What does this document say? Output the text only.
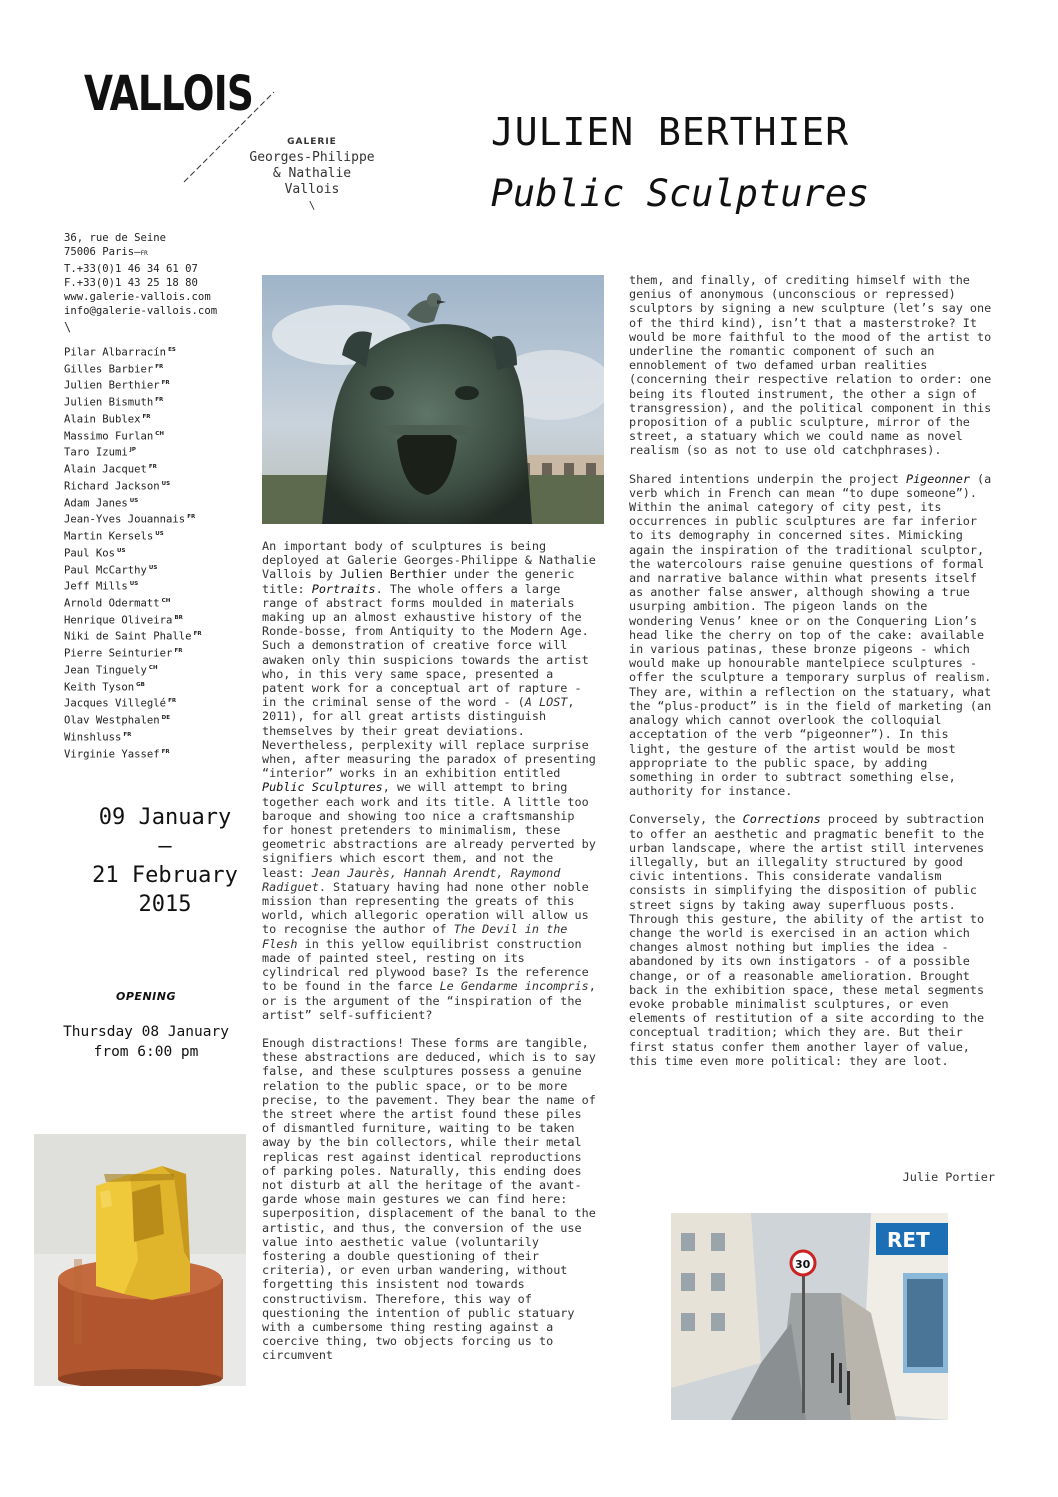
VALLOIS
GALERIE
Georges-Philippe
& Nathalie
Vallois
\
JULIEN BERTHIER
Public Sculptures
36, rue de Seine
75006 Paris—FR
T.+33(0)1 46 34 61 07
F.+33(0)1 43 25 18 80
www.galerie-vallois.com
info@galerie-vallois.com
\
Pilar Albarracín $^{ES}$
Gilles Barbier $^{FR}$
Julien Berthier $^{FR}$
Julien Bismuth $^{FR}$
Alain Bublex $^{FR}$
Massimo Furlan $^{CH}$
Taro Izumi $^{JP}$
Alain Jacquet $^{FR}$
Richard Jackson $^{US}$
Adam Janes $^{US}$
Jean-Yves Jouannais $^{FR}$
Martin Kersels $^{US}$
Paul Kos $^{US}$
Paul McCarthy $^{US}$
Jeff Mills $^{US}$
Arnold Odermatt $^{CH}$
Henrique Oliveira $^{BR}$
Niki de Saint Phalle $^{FR}$
Pierre Seinturier $^{FR}$
Jean Tinguely $^{CH}$
Keith Tyson $^{GB}$
Jacques Villeglé $^{FR}$
Olav Westphalen $^{DE}$
Winshluss $^{FR}$
Virginie Yassef $^{FR}$
09 January
—
21 February
2015
OPENING
Thursday 08 January
from 6:00 pm

An important body of sculptures is being deployed at Galerie Georges-Philippe & Nathalie Vallois by Julien Berthier under the generic title: Portraits. The whole offers a large range of abstract forms moulded in materials making up an almost exhaustive history of the Ronde-bosse, from Antiquity to the Modern Age. Such a demonstration of creative force will awaken only thin suspicions towards the artist who, in this very same space, presented a patent work for a conceptual art of rapture - in the criminal sense of the word - (A LOST, 2011), for all great artists distinguish themselves by their great deviations. Nevertheless, perplexity will replace surprise when, after measuring the paradox of presenting “interior” works in an exhibition entitled Public Sculptures, we will attempt to bring together each work and its title. A little too baroque and showing too nice a craftsmanship for honest pretenders to minimalism, these geometric abstractions are already perverted by signifiers which escort them, and not the least: Jean Jaurès, Hannah Arendt, Raymond Radiguet. Statuary having had none other noble mission than representing the greats of this world, which allegoric operation will allow us to recognise the author of The Devil in the Flesh in this yellow equilibrist construction made of painted steel, resting on its cylindrical red plywood base? Is the reference to be found in the farce Le Gendarme incompris, or is the argument of the “inspiration of the artist” self-sufficient?

Enough distractions! These forms are tangible, these abstractions are deduced, which is to say false, and these sculptures possess a genuine relation to the public space, or to be more precise, to the pavement. They bear the name of the street where the artist found these piles of dismantled furniture, waiting to be taken away by the bin collectors, while their metal replicas rest against identical reproductions of parking poles. Naturally, this ending does not disturb at all the heritage of the avant-garde whose main gestures we can find here: superposition, displacement of the banal to the artistic, and thus, the conversion of the use value into aesthetic value (voluntarily fostering a double questioning of their criteria), or even urban wandering, without forgetting this insistent nod towards constructivism. Therefore, this way of questioning the intention of public statuary with a cumbersome thing resting against a coercive thing, two objects forcing us to circumvent

them, and finally, of crediting himself with the genius of anonymous (unconscious or repressed) sculptors by signing a new sculpture (let’s say one of the third kind), isn’t that a masterstroke? It would be more faithful to the mood of the artist to underline the romantic component of such an ennoblement of two defamed urban realities (concerning their respective relation to order: one being its flouted instrument, the other a sign of transgression), and the political component in this proposition of a public sculpture, mirror of the street, a statuary which we could name as novel realism (so as not to use old catchphrases).

Shared intentions underpin the project Pigeonner (a verb which in French can mean “to dupe someone”). Within the animal category of city pest, its occurrences in public sculptures are far inferior to its demography in concerned sites. Mimicking again the inspiration of the traditional sculptor, the watercolours raise genuine questions of formal and narrative balance within what presents itself as another false answer, although showing a true usurping ambition. The pigeon lands on the wondering Venus’ knee or on the Conquering Lion’s head like the cherry on top of the cake: available in various patinas, these bronze pigeons - which would make up honourable mantelpiece sculptures - offer the sculpture a temporary surplus of realism. They are, within a reflection on the statuary, what the “plus-product” is in the field of marketing (an analogy which cannot overlook the colloquial acceptation of the verb “pigeonner”). In this light, the gesture of the artist would be most appropriate to the public space, by adding something in order to subtract something else, authority for instance.

Conversely, the Corrections proceed by subtraction to offer an aesthetic and pragmatic benefit to the urban landscape, where the artist still intervenes illegally, but an illegality structured by good civic intentions. This considerate vandalism consists in simplifying the disposition of public street signs by taking away superfluous posts. Through this gesture, the ability of the artist to change the world is exercised in an action which changes almost nothing but implies the idea - abandoned by its own instigators - of a possible change, or of a reasonable amelioration. Brought back in the exhibition space, these metal segments evoke probable minimalist sculptures, or even elements of restitution of a site according to the conceptual tradition; which they are. But their first status confer them another layer of value, this time even more political: they are loot.

Julie Portier
RET
30
